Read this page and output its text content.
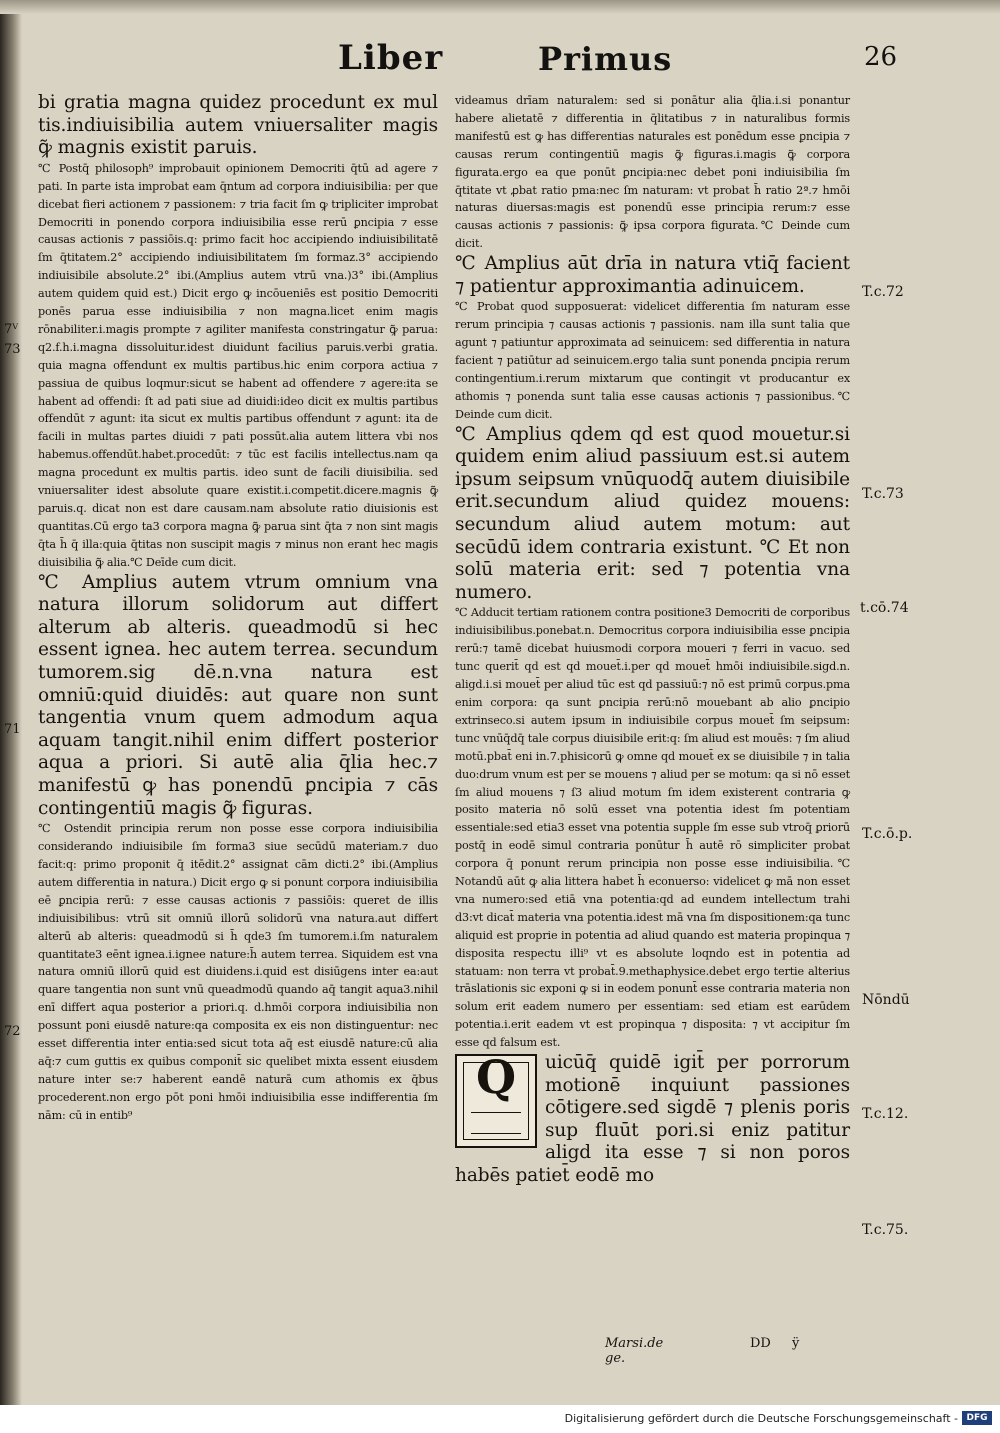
Liber	Primus	26
7ⱽ
73
71
72
T.c.72
T.c.73
t.cō.74
T.c.ō.p.
Nōndū
T.c.12.
T.c.75.

bi gratia magna quidez procedunt ex mul tis.indiuisibilia autem vniuersaliter magis ꝙ̃ magnis existit paruis.

℃ Postq̄ philosoph⁹ improbauit opinionem Democriti q̄tū ad agere ⁊ pati. In parte ista improbat eam q̄ntum ad corpora indiuisibilia: per que dicebat fieri actionem ⁊ passionem: ⁊ tria facit ſm ꝙ tripliciter improbat Democriti in ponendo corpora indiuisibilia esse rerū ꝑncipia ⁊ esse causas actionis ⁊ passiōis.q: primo facit hoc accipiendo indiuisibilitatē ſm q̄titatem.2° accipiendo indiuisibilitatem ſm formaz.3° accipiendo indiuisibile absolute.2° ibi.(Amplius autem vtrū vna.)3° ibi.(Amplius autem quidem quid est.) Dicit ergo ꝙ incōueniēs est positio Democriti ponēs parua esse indiuisibilia ⁊ non magna.licet enim magis rōnabiliter.i.magis prompte ⁊ agiliter manifesta constringatur ꝙ̃ parua: q2.f.h.i.magna dissoluitur.idest diuidunt facilius paruis.verbi gratia. quia magna offendunt ex multis partibus.hic enim corpora actiua ⁊ passiua de quibus loqmur:sicut se habent ad offendere ⁊ agere:ita se habent ad offendi: ſt ad pati siue ad diuidi:ideo dicit ex multis partibus offendūt ⁊ agunt: ita sicut ex multis partibus offendunt ⁊ agunt: ita de facili in multas partes diuidi ⁊ pati possūt.alia autem littera vbi nos habemus.offendūt.habet.procedūt: ⁊ tūc est facilis intellectus.nam qa magna procedunt ex multis partis. ideo sunt de facili diuisibilia. sed vniuersaliter idest absolute quare existit.i.competit.dicere.magnis ꝙ̃ paruis.q. dicat non est dare causam.nam absolute ratio diuisionis est quantitas.Cū ergo ta3 corpora magna ꝙ̃ parua sint q̄ta ⁊ non sint magis q̄ta h̄ q̄ illa:quia q̄titas non suscipit magis ⁊ minus non erant hec magis diuisibilia ꝙ̃ alia.℃ Deīde cum dicit.

℃ Amplius autem vtrum omnium vna natura illorum solidorum aut differt alterum ab alteris. queadmodū si hec essent ignea. hec autem terrea. secundum tumorem.sig dē.n.vna natura est omniū:quid diuidēs: aut quare non sunt tangentia vnum quem admodum aqua aquam tangit.nihil enim differt posterior aqua a priori. Si autē alia q̄lia hec.⁊ manifestū ꝙ has ponendū ꝑncipia ⁊ cās contingentiū magis ꝙ̃ figuras.

℃ Ostendit principia rerum non posse esse corpora indiuisibilia considerando indiuisibile ſm forma3 siue secūdū materiam.⁊ duo facit:q: primo proponit q̄ itēdit.2° assignat cām dicti.2° ibi.(Amplius autem differentia in natura.) Dicit ergo ꝙ si ponunt corpora indiuisibilia eē ꝑncipia rerū: ⁊ esse causas actionis ⁊ passiōis: queret de illis indiuisibilibus: vtrū sit omniū illorū solidorū vna natura.aut differt alterū ab alteris: queadmodū si h̄ qde3 ſm tumorem.i.ſm naturalem quantitate3 eēnt ignea.i.ignee nature:h̄ autem terrea. Siquidem est vna natura omniū illorū quid est diuidens.i.quid est disiūgens inter ea:aut quare tangentia non sunt vnū queadmodū quando aq̄ tangit aqua3.nihil enī differt aqua posterior a priori.q. d.hmōi corpora indiuisibilia non possunt poni eiusdē nature:qa composita ex eis non distinguentur: nec esset differentia inter entia:sed sicut tota aq̄ est eiusdē nature:cū alia aq̄:⁊ cum guttis ex quibus componit̄ sic quelibet mixta essent eiusdem nature inter se:⁊ haberent eandē naturā cum athomis ex q̄bus procederent.non ergo pōt poni hmōi indiuisibilia esse indifferentia ſm nām: cū in entib⁹

videamus drīam naturalem: sed si ponātur alia q̄lia.i.si ponantur habere alietatē ⁊ differentia in q̄litatibus ⁊ in naturalibus formis manifestū est ꝙ has differentias naturales est ponēdum esse ꝑncipia ⁊ causas rerum contingentiū magis ꝙ̃ figuras.i.magis ꝙ̃ corpora figurata.ergo ea que ponūt ꝑncipia:nec debet poni indiuisibilia ſm q̄titate vt ꝓbat ratio pma:nec ſm naturam: vt probat h̄ ratio 2ª.⁊ hmōi naturas diuersas:magis est ponendū esse principia rerum:⁊ esse causas actionis ⁊ passionis: ꝙ̃ ipsa corpora figurata.℃ Deinde cum dicit.

℃ Amplius aūt drīa in natura vtiq̄ facient ⁊ patientur approximantia adinuicem.

℃ Probat quod supposuerat: videlicet differentia ſm naturam esse rerum principia ⁊ causas actionis ⁊ passionis. nam illa sunt talia que agunt ⁊ patiuntur approximata ad seinuicem: sed differentia in natura facient ⁊ patiūtur ad seinuicem.ergo talia sunt ponenda ꝑncipia rerum contingentium.i.rerum mixtarum que contingit vt producantur ex athomis ⁊ ponenda sunt talia esse causas actionis ⁊ passionibus.℃ Deinde cum dicit.

℃ Amplius qdem qd est quod mouetur.si quidem enim aliud passiuum est.si autem ipsum seipsum vnūquodq̄ autem diuisibile erit.secundum aliud quidez mouens: secundum aliud autem motum: aut secūdū idem contraria existunt. ℃ Et non solū materia erit: sed ⁊ potentia vna numero.

℃ Adducit tertiam rationem contra positione3 Democriti de corporibus indiuisibilibus.ponebat.n. Democritus corpora indiuisibilia esse ꝑncipia rerū:⁊ tamē dicebat huiusmodi corpora moueri ⁊ ferri in vacuo. sed tunc querit̄ qd est qd mouet̄.i.per qd mouet̄ hmōi indiuisibile.sigd.n. aligd.i.si mouet̄ per aliud tūc est qd passiuū:⁊ nō est primū corpus.pma enim corpora: qa sunt ꝑncipia rerū:nō mouebant ab alio ꝑncipio extrinseco.si autem ipsum in indiuisibile corpus mouet̄ ſm seipsum: tunc vnūq̄dq̄ tale corpus diuisibile erit:q: ſm aliud est mouēs: ⁊ ſm aliud motū.pbat̄ eni in.7.phisicorū ꝙ omne qd mouet̄ ex se diuisibile ⁊ in talia duo:drum vnum est per se mouens ⁊ aliud per se motum: qa si nō esset ſm aliud mouens ⁊ ſ3 aliud motum ſm idem existerent contraria ꝙ posito materia nō solū esset vna potentia idest ſm potentiam essentiale:sed etia3 esset vna potentia supple ſm esse sub vtroq̄ ꝑriorū postq̄ in eodē simul contraria ponūtur h̄ autē rō simpliciter probat corpora q̄ ponunt rerum principia non posse esse indiuisibilia.℃ Notandū aūt ꝙ alia littera habet h̄ econuerso: videlicet ꝙ mā non esset vna numero:sed etiā vna potentia:qd ad eundem intellectum trahi d3:vt dicat̄ materia vna potentia.idest mā vna ſm dispositionem:qa tunc aliquid est proprie in potentia ad aliud quando est materia propinqua ⁊ disposita respectu illi⁹ vt es absolute loqndo est in potentia ad statuam: non terra vt probat̄.9.methaphysice.debet ergo tertie alterius trāslationis sic exponi ꝙ si in eodem ponunt̄ esse contraria materia non solum erit eadem numero per essentiam: sed etiam est earūdem potentia.i.erit eadem vt est propinqua ⁊ disposita: ⁊ vt accipitur ſm esse qd falsum est.

Q	uicūq̄ quidē igit̄ per porrorum motionē inquiunt passiones cōtigere.sed sigdē ⁊ plenis poris sup fluūt pori.si eniz patitur aligd ita esse ⁊ si non poros habēs patiet̄ eodē mo
Marsi.de ge.
DD ÿ
Digitalisierung gefördert durch die Deutsche Forschungsgemeinschaft - DFG
